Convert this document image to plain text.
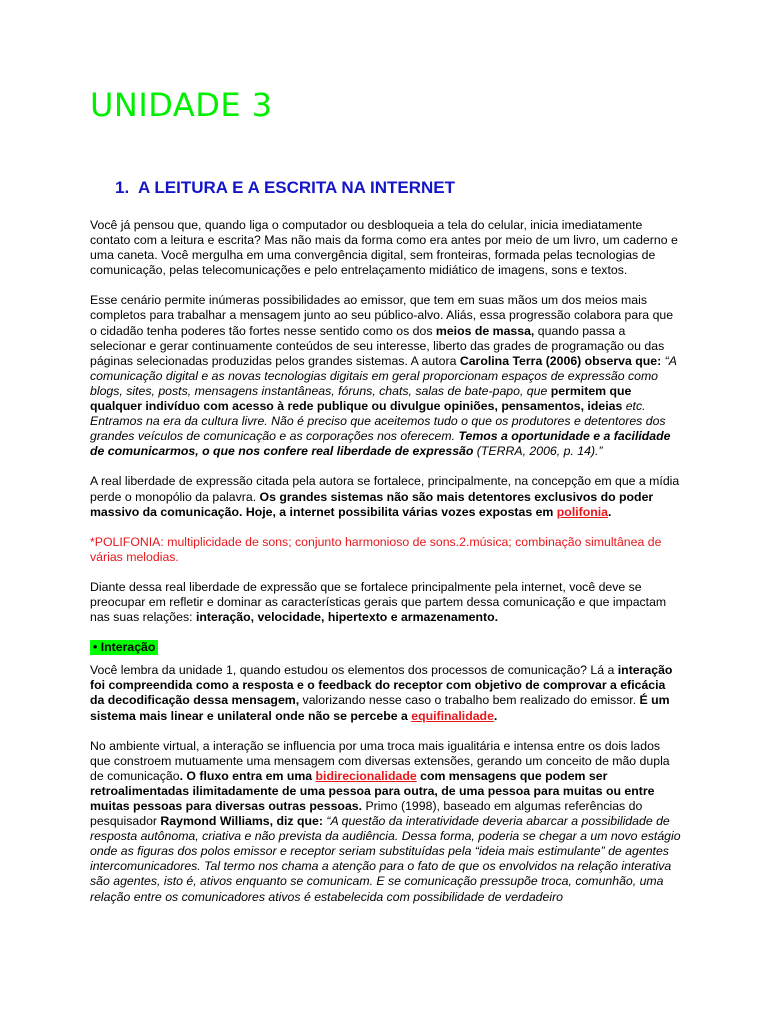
UNIDADE 3
1. A LEITURA E A ESCRITA NA INTERNET

Você já pensou que, quando liga o computador ou desbloqueia a tela do celular, inicia imediatamente contato com a leitura e escrita? Mas não mais da forma como era antes por meio de um livro, um caderno e uma caneta. Você mergulha em uma convergência digital, sem fronteiras, formada pelas tecnologias de comunicação, pelas telecomunicações e pelo entrelaçamento midiático de imagens, sons e textos.

Esse cenário permite inúmeras possibilidades ao emissor, que tem em suas mãos um dos meios mais completos para trabalhar a mensagem junto ao seu público-alvo. Aliás, essa progressão colabora para que o cidadão tenha poderes tão fortes nesse sentido como os dos meios de massa, quando passa a selecionar e gerar continuamente conteúdos de seu interesse, liberto das grades de programação ou das páginas selecionadas produzidas pelos grandes sistemas. A autora Carolina Terra (2006) observa que: “A comunicação digital e as novas tecnologias digitais em geral proporcionam espaços de expressão como blogs, sites, posts, mensagens instantâneas, fóruns, chats, salas de bate-papo, que permitem que qualquer indivíduo com acesso à rede publique ou divulgue opiniões, pensamentos, ideias etc. Entramos na era da cultura livre. Não é preciso que aceitemos tudo o que os produtores e detentores dos grandes veículos de comunicação e as corporações nos oferecem. Temos a oportunidade e a facilidade de comunicarmos, o que nos confere real liberdade de expressão (TERRA, 2006, p. 14).”

A real liberdade de expressão citada pela autora se fortalece, principalmente, na concepção em que a mídia perde o monopólio da palavra. Os grandes sistemas não são mais detentores exclusivos do poder massivo da comunicação. Hoje, a internet possibilita várias vozes expostas em polifonia.

*POLIFONIA: multiplicidade de sons; conjunto harmonioso de sons.2.música; combinação simultânea de várias melodias.

Diante dessa real liberdade de expressão que se fortalece principalmente pela internet, você deve se preocupar em refletir e dominar as características gerais que partem dessa comunicação e que impactam nas suas relações: interação, velocidade, hipertexto e armazenamento.

• Interação

Você lembra da unidade 1, quando estudou os elementos dos processos de comunicação? Lá a interação foi compreendida como a resposta e o feedback do receptor com objetivo de comprovar a eficácia da decodificação dessa mensagem, valorizando nesse caso o trabalho bem realizado do emissor. É um sistema mais linear e unilateral onde não se percebe a equifinalidade.

No ambiente virtual, a interação se influencia por uma troca mais igualitária e intensa entre os dois lados que constroem mutuamente uma mensagem com diversas extensões, gerando um conceito de mão dupla de comunicação. O fluxo entra em uma bidirecionalidade com mensagens que podem ser retroalimentadas ilimitadamente de uma pessoa para outra, de uma pessoa para muitas ou entre muitas pessoas para diversas outras pessoas. Primo (1998), baseado em algumas referências do pesquisador Raymond Williams, diz que: “A questão da interatividade deveria abarcar a possibilidade de resposta autônoma, criativa e não prevista da audiência. Dessa forma, poderia se chegar a um novo estágio onde as figuras dos polos emissor e receptor seriam substituídas pela “ideia mais estimulante” de agentes intercomunicadores. Tal termo nos chama a atenção para o fato de que os envolvidos na relação interativa são agentes, isto é, ativos enquanto se comunicam. E se comunicação pressupõe troca, comunhão, uma relação entre os comunicadores ativos é estabelecida com possibilidade de verdadeiro
